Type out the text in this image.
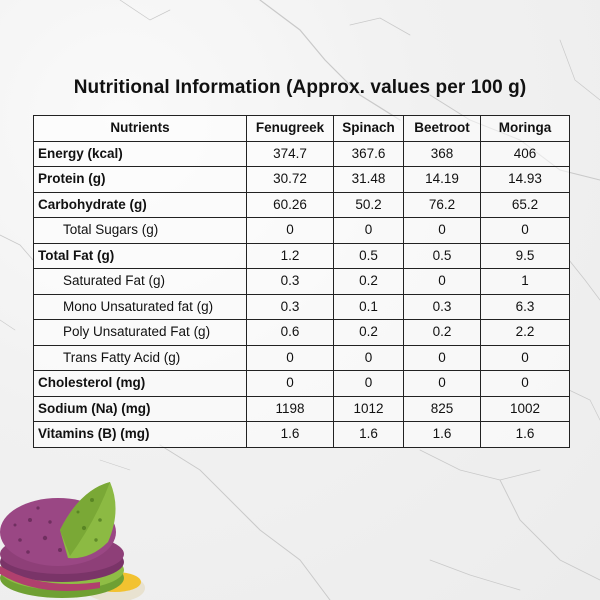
Nutritional Information (Approx. values per 100 g)
Nutrients	Fenugreek	Spinach	Beetroot	Moringa
Energy (kcal)	374.7	367.6	368	406
Protein (g)	30.72	31.48	14.19	14.93
Carbohydrate (g)	60.26	50.2	76.2	65.2
Total Sugars (g)	0	0	0	0
Total Fat (g)	1.2	0.5	0.5	9.5
Saturated Fat (g)	0.3	0.2	0	1
Mono Unsaturated fat (g)	0.3	0.1	0.3	6.3
Poly Unsaturated Fat (g)	0.6	0.2	0.2	2.2
Trans Fatty Acid (g)	0	0	0	0
Cholesterol (mg)	0	0	0	0
Sodium (Na) (mg)	1198	1012	825	1002
Vitamins (B) (mg)	1.6	1.6	1.6	1.6
